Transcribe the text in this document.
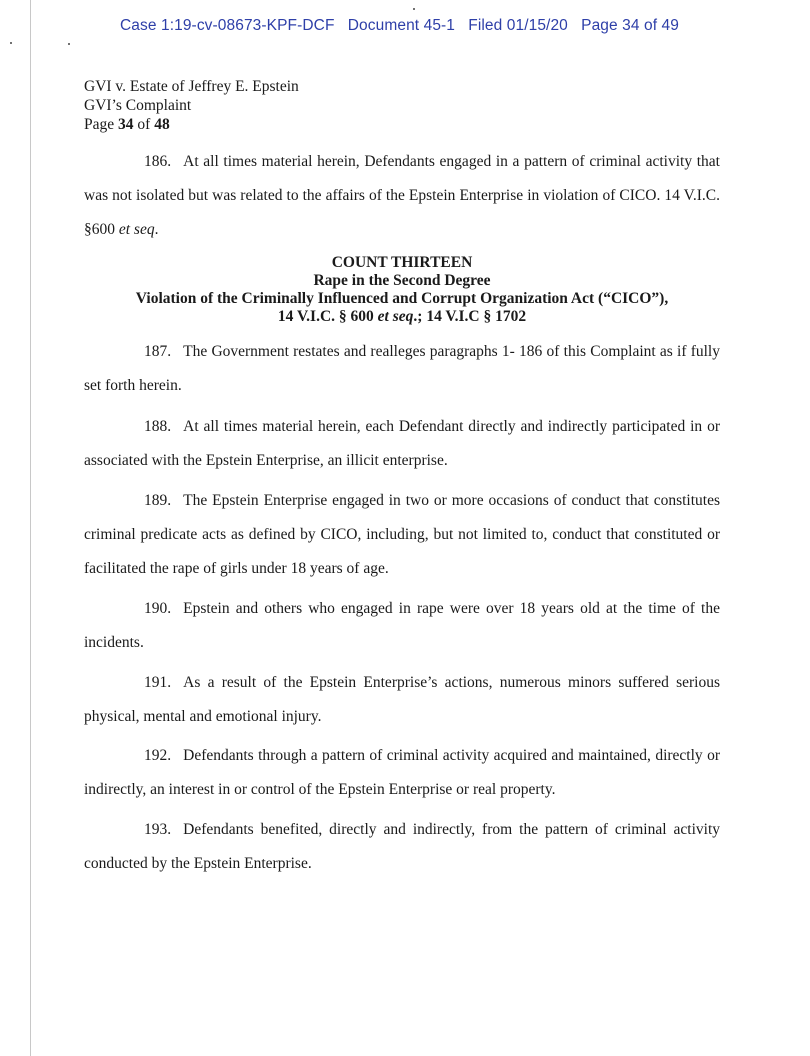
Case 1:19-cv-08673-KPF-DCF Document 45-1 Filed 01/15/20 Page 34 of 49
GVI v. Estate of Jeffrey E. Epstein
GVI’s Complaint
Page 34 of 48
186. At all times material herein, Defendants engaged in a pattern of criminal activity that was not isolated but was related to the affairs of the Epstein Enterprise in violation of CICO. 14 V.I.C. §600 et seq.
COUNT THIRTEEN
Rape in the Second Degree
Violation of the Criminally Influenced and Corrupt Organization Act (“CICO”),
14 V.I.C. § 600 et seq.; 14 V.I.C § 1702
187. The Government restates and realleges paragraphs 1- 186 of this Complaint as if fully set forth herein.
188. At all times material herein, each Defendant directly and indirectly participated in or associated with the Epstein Enterprise, an illicit enterprise.
189. The Epstein Enterprise engaged in two or more occasions of conduct that constitutes criminal predicate acts as defined by CICO, including, but not limited to, conduct that constituted or facilitated the rape of girls under 18 years of age.
190. Epstein and others who engaged in rape were over 18 years old at the time of the incidents.
191. As a result of the Epstein Enterprise’s actions, numerous minors suffered serious physical, mental and emotional injury.
192. Defendants through a pattern of criminal activity acquired and maintained, directly or indirectly, an interest in or control of the Epstein Enterprise or real property.
193. Defendants benefited, directly and indirectly, from the pattern of criminal activity conducted by the Epstein Enterprise.
